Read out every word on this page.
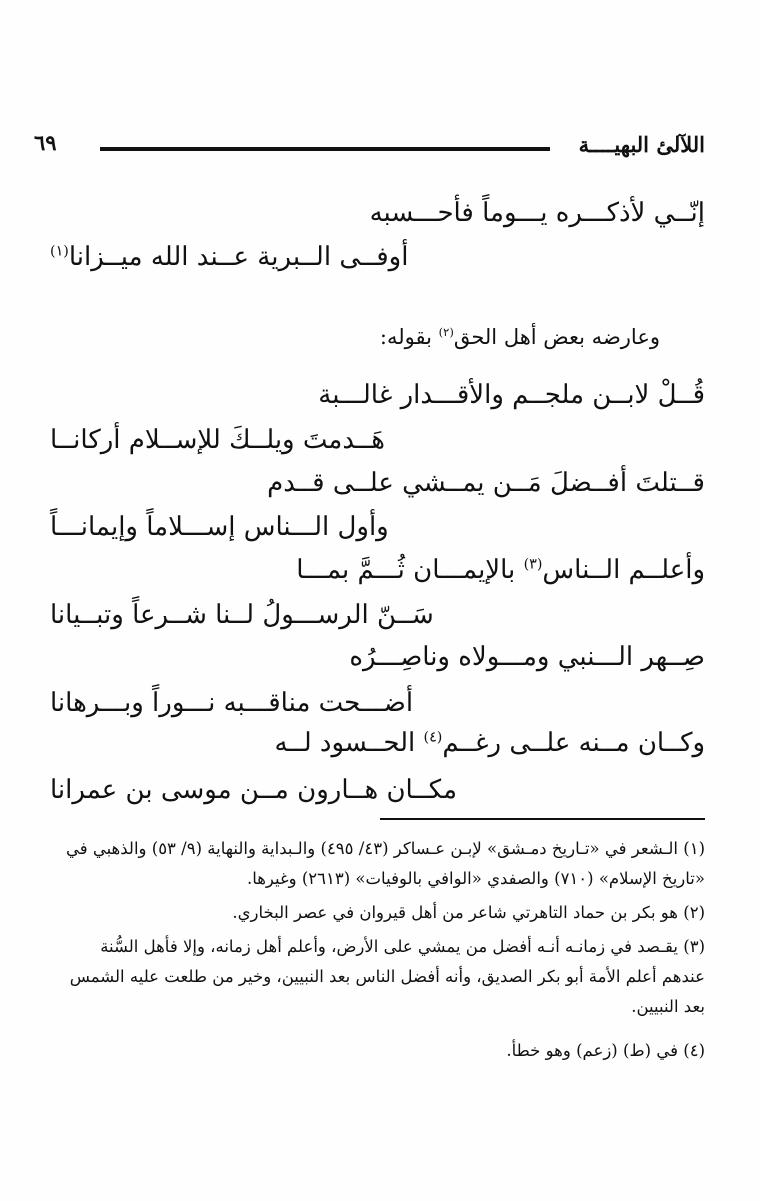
اللآلئ البهيــــة
٦٩
إنّــي لأذكـــره يـــوماً فأحـــسبه
أوفــى الــبرية عــند الله ميــزانا$^{(١)}$
وعارضه بعض أهل الحق$^{(٢)}$ بقوله:
قُــلْ لابــن ملجــم والأقـــدار غالـــبة
هَــدمتَ ويلــكَ للإســلام أركانــا
قــتلتَ أفــضلَ مَــن يمــشي علــى قــدم
وأول الـــناس إســـلاماً وإيمانـــاً
وأعلــم الــناس$^{(٣)}$ بالإيمـــان ثُـــمَّ بمـــا
سَــنّ الرســـولُ لــنا شــرعاً وتبــيانا
صِــهر الـــنبي ومـــولاه وناصِـــرُه
أضـــحت مناقـــبه نـــوراً وبـــرهانا
وكــان مــنه علــى رغــم$^{(٤)}$ الحــسود لــه
مكــان هــارون مــن موسى بن عمرانا
(١) الـشعر في «تـاريخ دمـشق» لإبـن عـساكر (٤٣/ ٤٩٥) والـبداية والنهاية (٩/ ٥٣) والذهبي في «تاريخ الإسلام» (٧١٠) والصفدي «الوافي بالوفيات» (٢٦١٣) وغيرها.
(٢) هو بكر بن حماد التاهرتي شاعر من أهل قيروان في عصر البخاري.
(٣) يقـصد في زمانـه أنـه أفضل من يمشي على الأرض، وأعلم أهل زمانه، وإلا فأهل السُّنة عندهم أعلم الأمة أبو بكر الصديق، وأنه أفضل الناس بعد النبيين، وخير من طلعت عليه الشمس بعد النبيين.
(٤) في (ط) (زعم) وهو خطأ.
